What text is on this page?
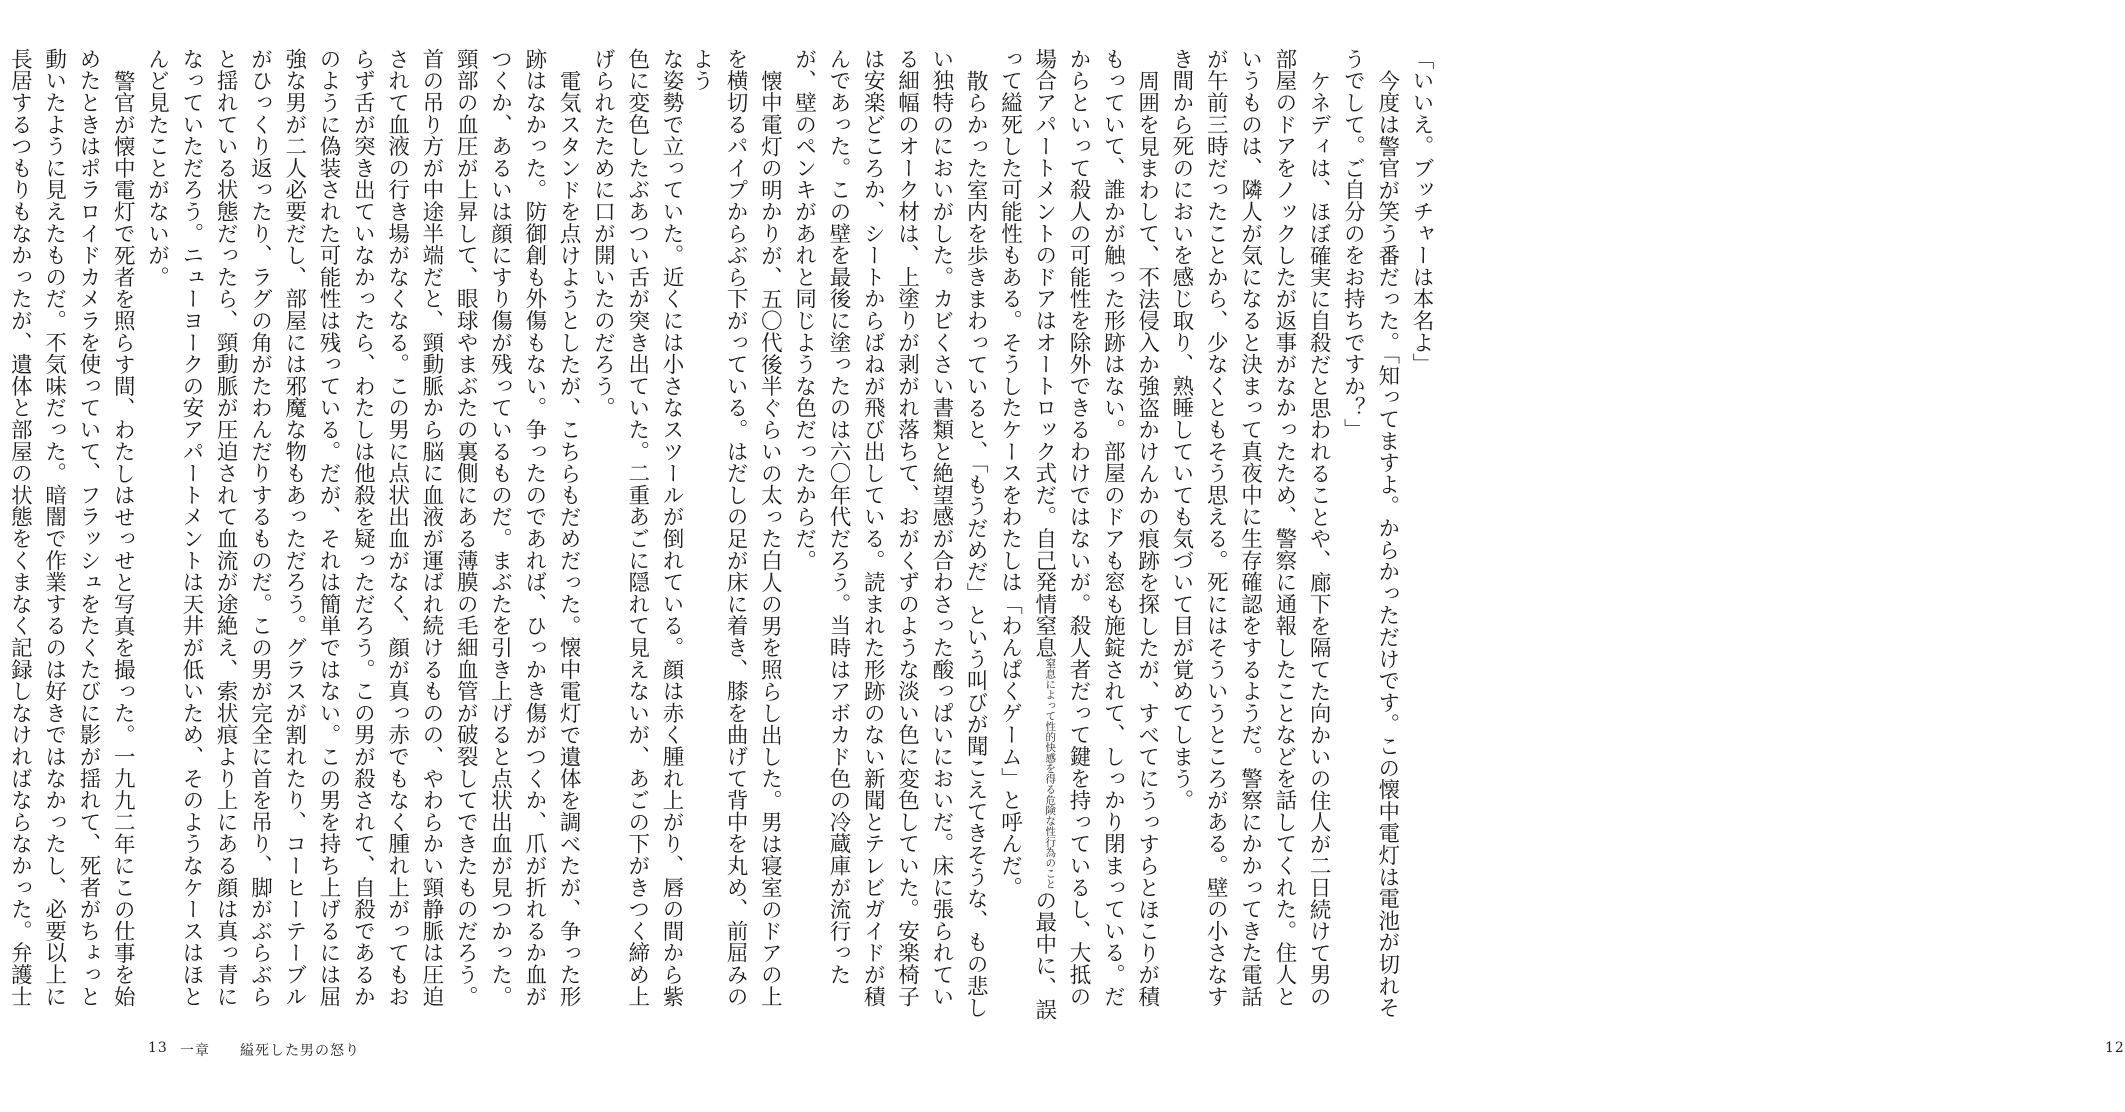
「いいえ。ブッチャーは本名よ」

今度は警官が笑う番だった。「知ってますよ。からかっただけです。この懐中電灯は電池が切れそうでして。ご自分のをお持ちですか？」

ケネディは、ほぼ確実に自殺だと思われることや、廊下を隔てた向かいの住人が二日続けて男の部屋のドアをノックしたが返事がなかったため、警察に通報したことなどを話してくれた。住人というものは、隣人が気になると決まって真夜中に生存確認をするようだ。警察にかかってきた電話が午前三時だったことから、少なくともそう思える。死にはそういうところがある。壁の小さなすき間から死のにおいを感じ取り、熟睡していても気づいて目が覚めてしまう。

周囲を見まわして、不法侵入か強盗かけんかの痕跡を探したが、すべてにうっすらとほこりが積もっていて、誰かが触った形跡はない。部屋のドアも窓も施錠されて、しっかり閉まっている。だからといって殺人の可能性を除外できるわけではないが。殺人者だって鍵を持っているし、大抵の場合アパートメントのドアはオートロック式だ。自己発情窒息窒息によって性的快感を得る危険な性行為のことの最中に、誤って縊死した可能性もある。そうしたケースをわたしは「わんぱくゲーム」と呼んだ。

散らかった室内を歩きまわっていると、「もうだめだ」という叫びが聞こえてきそうな、もの悲しい独特のにおいがした。カビくさい書類と絶望感が合わさった酸っぱいにおいだ。床に張られている細幅のオーク材は、上塗りが剥がれ落ちて、おがくずのような淡い色に変色していた。安楽椅子は安楽どころか、シートからばねが飛び出している。読まれた形跡のない新聞とテレビガイドが積んであった。この壁を最後に塗ったのは六〇年代だろう。当時はアボカド色の冷蔵庫が流行ったが、壁のペンキがあれと同じような色だったからだ。

懐中電灯の明かりが、五〇代後半ぐらいの太った白人の男を照らし出した。男は寝室のドアの上を横切るパイプからぶら下がっている。はだしの足が床に着き、膝を曲げて背中を丸め、前屈みのよう

12

な姿勢で立っていた。近くには小さなスツールが倒れている。顔は赤く腫れ上がり、唇の間から紫色に変色したぶあつい舌が突き出ていた。二重あごに隠れて見えないが、あごの下がきつく締め上げられたために口が開いたのだろう。

電気スタンドを点けようとしたが、こちらもだめだった。懐中電灯で遺体を調べたが、争った形跡はなかった。防御創も外傷もない。争ったのであれば、ひっかき傷がつくか、爪が折れるか血がつくか、あるいは顔にすり傷が残っているものだ。まぶたを引き上げると点状出血が見つかった。頸部の血圧が上昇して、眼球やまぶたの裏側にある薄膜の毛細血管が破裂してできたものだろう。首の吊り方が中途半端だと、頸動脈から脳に血液が運ばれ続けるものの、やわらかい頸静脈は圧迫されて血液の行き場がなくなる。この男に点状出血がなく、顔が真っ赤でもなく腫れ上がってもおらず舌が突き出ていなかったら、わたしは他殺を疑っただろう。この男が殺されて、自殺であるかのように偽装された可能性は残っている。だが、それは簡単ではない。この男を持ち上げるには屈強な男が二人必要だし、部屋には邪魔な物もあっただろう。グラスが割れたり、コーヒーテーブルがひっくり返ったり、ラグの角がたわんだりするものだ。この男が完全に首を吊り、脚がぶらぶらと揺れている状態だったら、頸動脈が圧迫されて血流が途絶え、索状痕より上にある顔は真っ青になっていただろう。ニューヨークの安アパートメントは天井が低いため、そのようなケースはほとんど見たことがないが。

警官が懐中電灯で死者を照らす間、わたしはせっせと写真を撮った。一九九二年にこの仕事を始めたときはポラロイドカメラを使っていて、フラッシュをたくたびに影が揺れて、死者がちょっと動いたように見えたものだ。不気味だった。暗闇で作業するのは好きではなかったし、必要以上に長居するつもりもなかったが、遺体と部屋の状態をくまなく記録しなければならなかった。弁護士

13 一章 縊死した男の怒り
